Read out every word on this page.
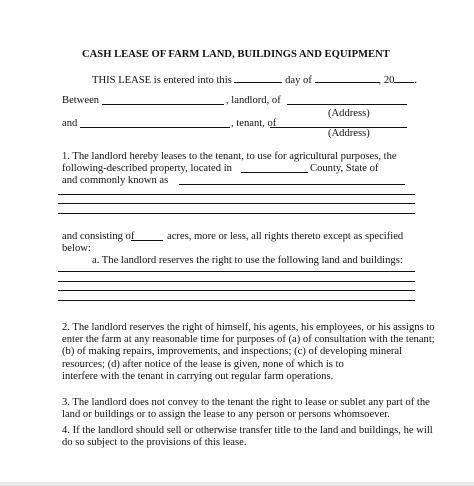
CASH LEASE OF FARM LAND, BUILDINGS AND EQUIPMENT
THIS LEASE is entered into this	day of	, 20 .
Between	, landlord, of
(Address)
and	, tenant, of
(Address)
1. The landlord hereby leases to the tenant, to use for agricultural purposes, the
following-described property, located in	County, State of
and commonly known as
and consisting of	acres, more or less, all rights thereto except as specified
below:
a. The landlord reserves the right to use the following land and buildings:
2. The landlord reserves the right of himself, his agents, his employees, or his assigns to
enter the farm at any reasonable time for purposes of (a) of consultation with the tenant;
(b) of making repairs, improvements, and inspections; (c) of developing mineral
resources; (d) after notice of the lease is given, none of which is to
interfere with the tenant in carrying out regular farm operations.
3. The landlord does not convey to the tenant the right to lease or sublet any part of the
land or buildings or to assign the lease to any person or persons whomsoever.
4. If the landlord should sell or otherwise transfer title to the land and buildings, he will
do so subject to the provisions of this lease.
